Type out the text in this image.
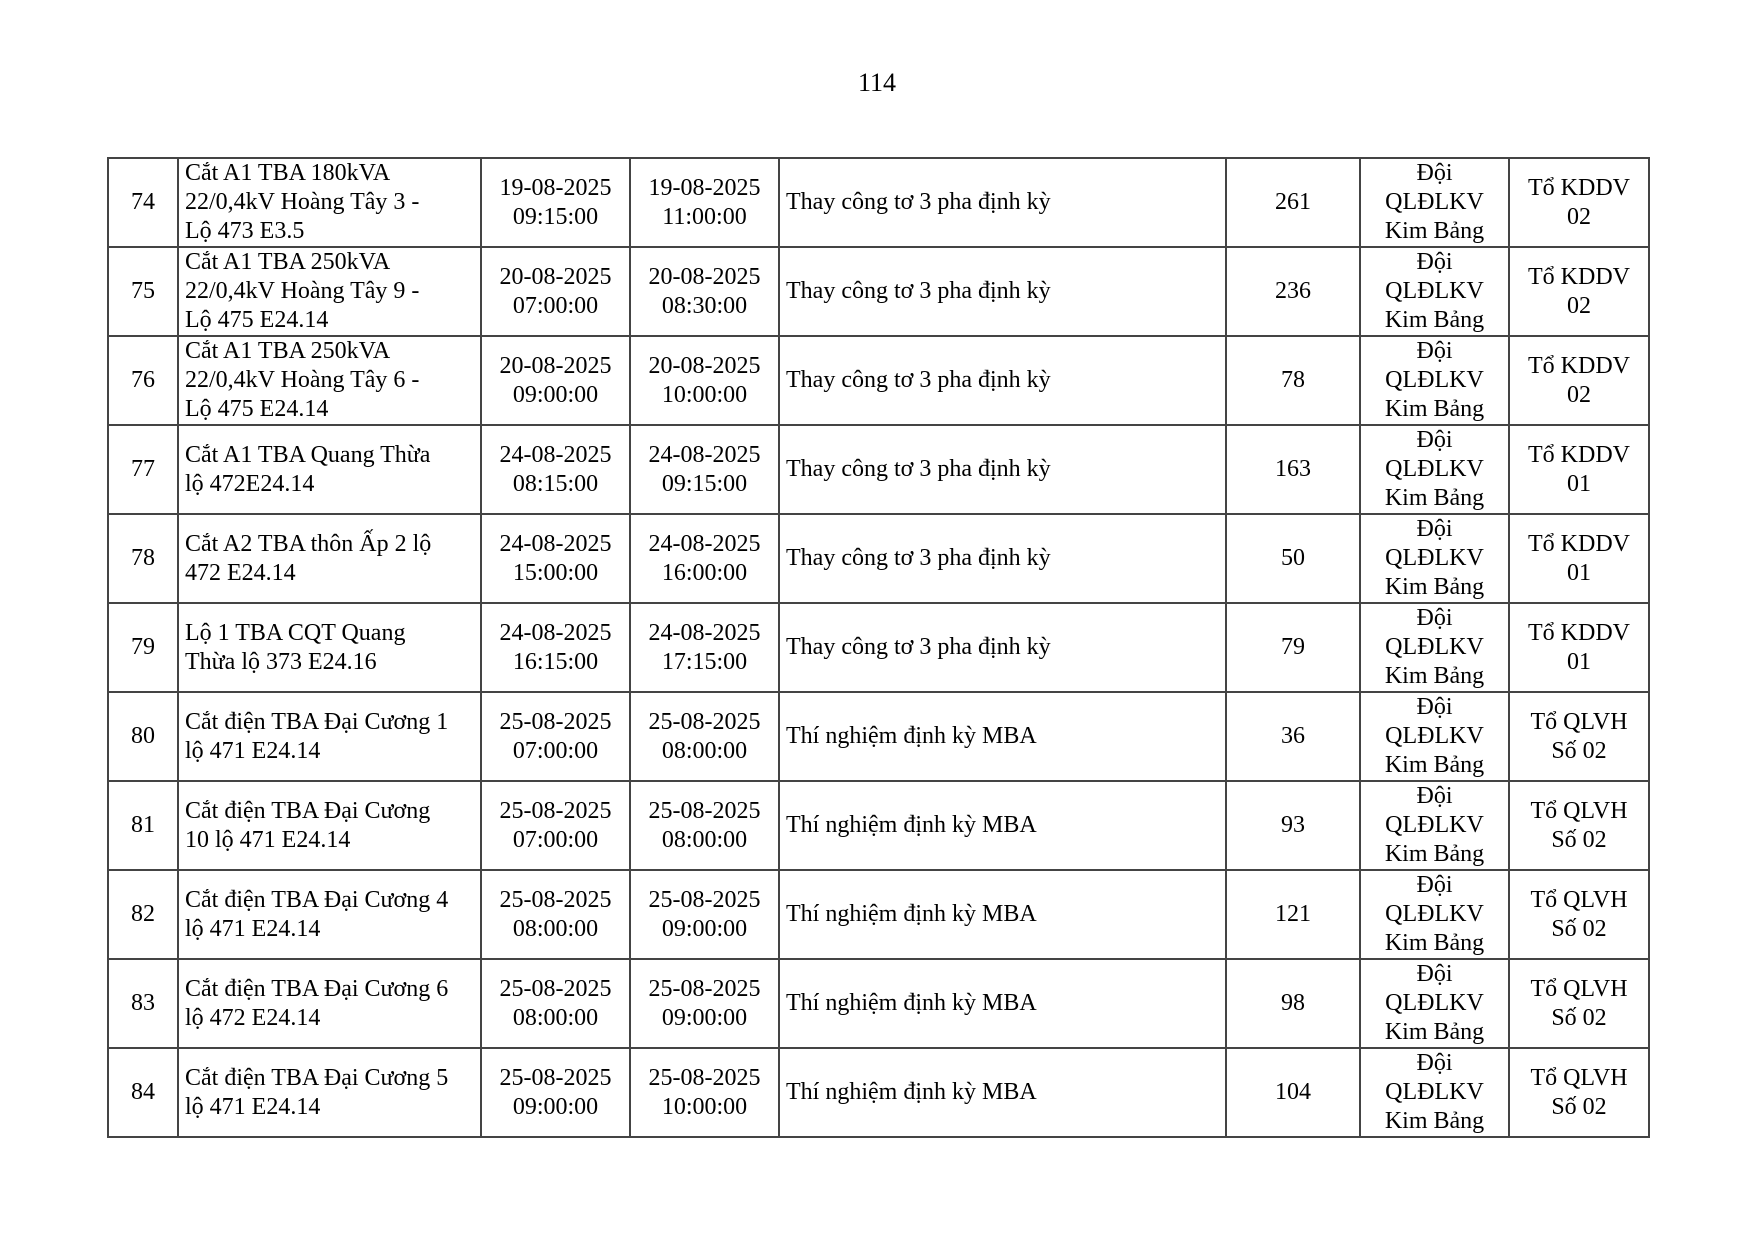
114
74	Cắt A1 TBA 180kVA
22/0,4kV Hoàng Tây 3 -
Lộ 473 E3.5	19-08-2025
09:15:00	19-08-2025
11:00:00	Thay công tơ 3 pha định kỳ	261	Đội
QLĐLKV
Kim Bảng	Tổ KDDV
02

75	Cắt A1 TBA 250kVA
22/0,4kV Hoàng Tây 9 -
Lộ 475 E24.14	20-08-2025
07:00:00	20-08-2025
08:30:00	Thay công tơ 3 pha định kỳ	236	Đội
QLĐLKV
Kim Bảng	Tổ KDDV
02

76	Cắt A1 TBA 250kVA
22/0,4kV Hoàng Tây 6 -
Lộ 475 E24.14	20-08-2025
09:00:00	20-08-2025
10:00:00	Thay công tơ 3 pha định kỳ	78	Đội
QLĐLKV
Kim Bảng	Tổ KDDV
02

77	Cắt A1 TBA Quang Thừa
lộ 472E24.14	24-08-2025
08:15:00	24-08-2025
09:15:00	Thay công tơ 3 pha định kỳ	163	Đội
QLĐLKV
Kim Bảng	Tổ KDDV
01

78	Cắt A2 TBA thôn Ấp 2 lộ
472 E24.14	24-08-2025
15:00:00	24-08-2025
16:00:00	Thay công tơ 3 pha định kỳ	50	Đội
QLĐLKV
Kim Bảng	Tổ KDDV
01

79	Lộ 1 TBA CQT Quang
Thừa lộ 373 E24.16	24-08-2025
16:15:00	24-08-2025
17:15:00	Thay công tơ 3 pha định kỳ	79	Đội
QLĐLKV
Kim Bảng	Tổ KDDV
01

80	Cắt điện TBA Đại Cương 1
lộ 471 E24.14	25-08-2025
07:00:00	25-08-2025
08:00:00	Thí nghiệm định kỳ MBA	36	Đội
QLĐLKV
Kim Bảng	Tổ QLVH
Số 02

81	Cắt điện TBA Đại Cương
10 lộ 471 E24.14	25-08-2025
07:00:00	25-08-2025
08:00:00	Thí nghiệm định kỳ MBA	93	Đội
QLĐLKV
Kim Bảng	Tổ QLVH
Số 02

82	Cắt điện TBA Đại Cương 4
lộ 471 E24.14	25-08-2025
08:00:00	25-08-2025
09:00:00	Thí nghiệm định kỳ MBA	121	Đội
QLĐLKV
Kim Bảng	Tổ QLVH
Số 02

83	Cắt điện TBA Đại Cương 6
lộ 472 E24.14	25-08-2025
08:00:00	25-08-2025
09:00:00	Thí nghiệm định kỳ MBA	98	Đội
QLĐLKV
Kim Bảng	Tổ QLVH
Số 02

84	Cắt điện TBA Đại Cương 5
lộ 471 E24.14	25-08-2025
09:00:00	25-08-2025
10:00:00	Thí nghiệm định kỳ MBA	104	Đội
QLĐLKV
Kim Bảng	Tổ QLVH
Số 02
